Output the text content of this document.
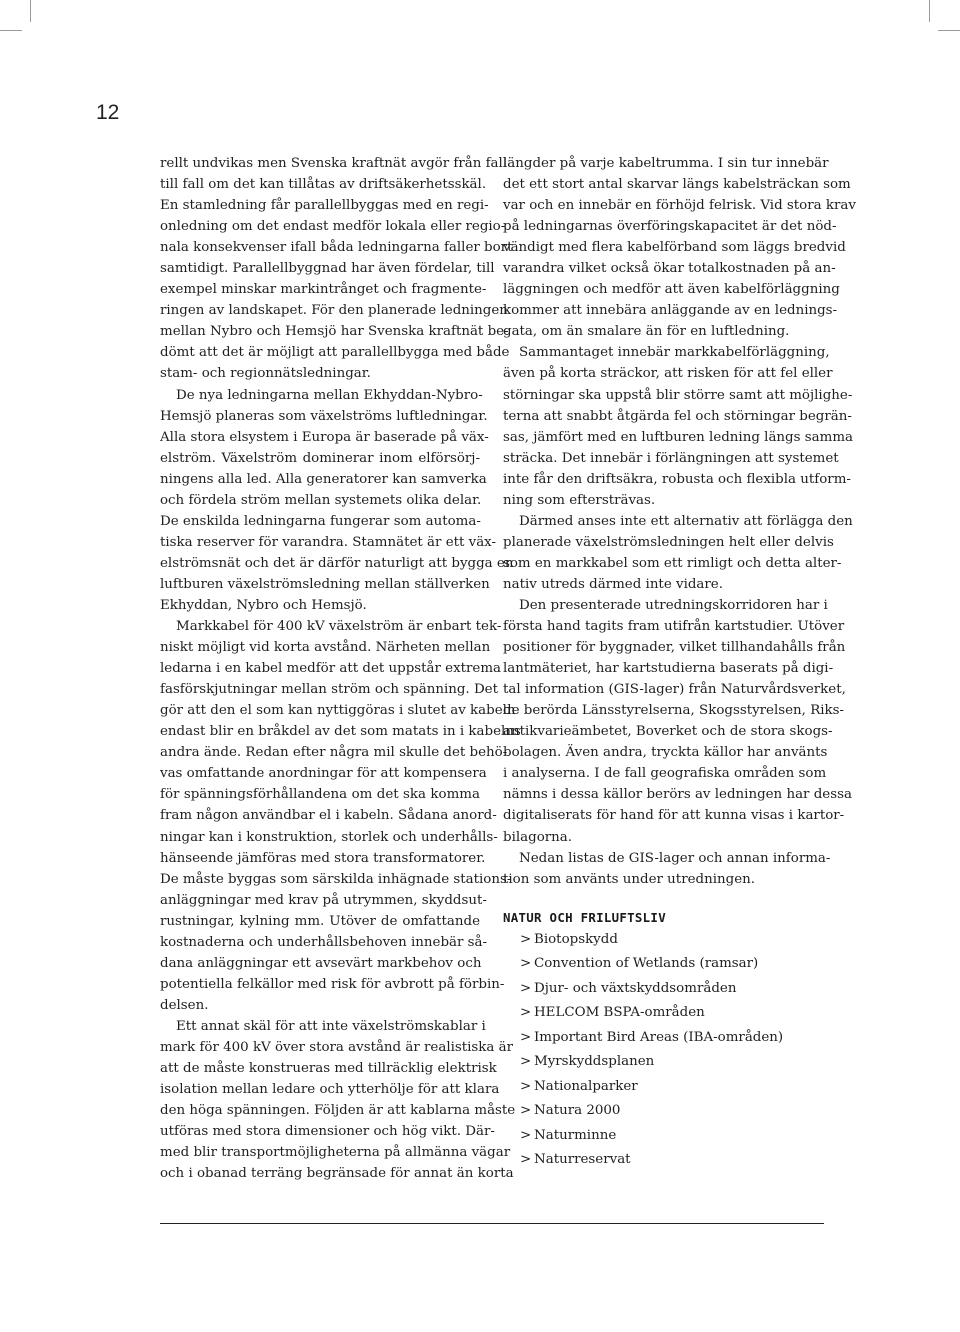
12
rellt undvikas men Svenska kraftnät avgör från fall
till fall om det kan tillåtas av driftsäkerhetsskäl.
En stamledning får parallellbyggas med en regi-
onledning om det endast medför lokala eller regio-
nala konsekvenser ifall båda ledningarna faller bort
samtidigt. Parallellbyggnad har även fördelar, till
exempel minskar markintrånget och fragmente-
ringen av landskapet. För den planerade ledningen
mellan Nybro och Hemsjö har Svenska kraftnät be-
dömt att det är möjligt att parallellbygga med både
stam- och regionnätsledningar.
De nya ledningarna mellan Ekhyddan-Nybro-
Hemsjö planeras som växelströms luftledningar.
Alla stora elsystem i Europa är baserade på väx-
elström. Växelström dominerar inom elförsörj-
ningens alla led. Alla generatorer kan samverka
och fördela ström mellan systemets olika delar.
De enskilda ledningarna fungerar som automa-
tiska reserver för varandra. Stamnätet är ett väx-
elströmsnät och det är därför naturligt att bygga en
luftburen växelströmsledning mellan ställverken
Ekhyddan, Nybro och Hemsjö.
Markkabel för 400 kV växelström är enbart tek-
niskt möjligt vid korta avstånd. Närheten mellan
ledarna i en kabel medför att det uppstår extrema
fasförskjutningar mellan ström och spänning. Det
gör att den el som kan nyttiggöras i slutet av kabeln
endast blir en bråkdel av det som matats in i kabelns
andra ände. Redan efter några mil skulle det behö-
vas omfattande anordningar för att kompensera
för spänningsförhållandena om det ska komma
fram någon användbar el i kabeln. Sådana anord-
ningar kan i konstruktion, storlek och underhålls-
hänseende jämföras med stora transformatorer.
De måste byggas som särskilda inhägnade stations-
anläggningar med krav på utrymmen, skyddsut-
rustningar, kylning mm. Utöver de omfattande
kostnaderna och underhållsbehoven innebär så-
dana anläggningar ett avsevärt markbehov och
potentiella felkällor med risk för avbrott på förbin-
delsen.
Ett annat skäl för att inte växelströmskablar i
mark för 400 kV över stora avstånd är realistiska är
att de måste konstrueras med tillräcklig elektrisk
isolation mellan ledare och ytterhölje för att klara
den höga spänningen. Följden är att kablarna måste
utföras med stora dimensioner och hög vikt. Där-
med blir transportmöjligheterna på allmänna vägar
och i obanad terräng begränsade för annat än korta
längder på varje kabeltrumma. I sin tur innebär
det ett stort antal skarvar längs kabelsträckan som
var och en innebär en förhöjd felrisk. Vid stora krav
på ledningarnas överföringskapacitet är det nöd-
vändigt med flera kabelförband som läggs bredvid
varandra vilket också ökar totalkostnaden på an-
läggningen och medför att även kabelförläggning
kommer att innebära anläggande av en lednings-
gata, om än smalare än för en luftledning.
Sammantaget innebär markkabelförläggning,
även på korta sträckor, att risken för att fel eller
störningar ska uppstå blir större samt att möjlighe-
terna att snabbt åtgärda fel och störningar begrän-
sas, jämfört med en luftburen ledning längs samma
sträcka. Det innebär i förlängningen att systemet
inte får den driftsäkra, robusta och flexibla utform-
ning som eftersträvas.
Därmed anses inte ett alternativ att förlägga den
planerade växelströmsledningen helt eller delvis
som en markkabel som ett rimligt och detta alter-
nativ utreds därmed inte vidare.
Den presenterade utredningskorridoren har i
första hand tagits fram utifrån kartstudier. Utöver
positioner för byggnader, vilket tillhandahålls från
lantmäteriet, har kartstudierna baserats på digi-
tal information (GIS-lager) från Naturvårdsverket,
de berörda Länsstyrelserna, Skogsstyrelsen, Riks-
antikvarieämbetet, Boverket och de stora skogs-
bolagen. Även andra, tryckta källor har använts
i analyserna. I de fall geografiska områden som
nämns i dessa källor berörs av ledningen har dessa
digitaliserats för hand för att kunna visas i kartor-
bilagorna.
Nedan listas de GIS-lager och annan informa-
tion som använts under utredningen.
NATUR OCH FRILUFTSLIV
> Biotopskydd
> Convention of Wetlands (ramsar)
> Djur- och växtskyddsområden
> HELCOM BSPA-områden
> Important Bird Areas (IBA-områden)
> Myrskyddsplanen
> Nationalparker
> Natura 2000
> Naturminne
> Naturreservat
